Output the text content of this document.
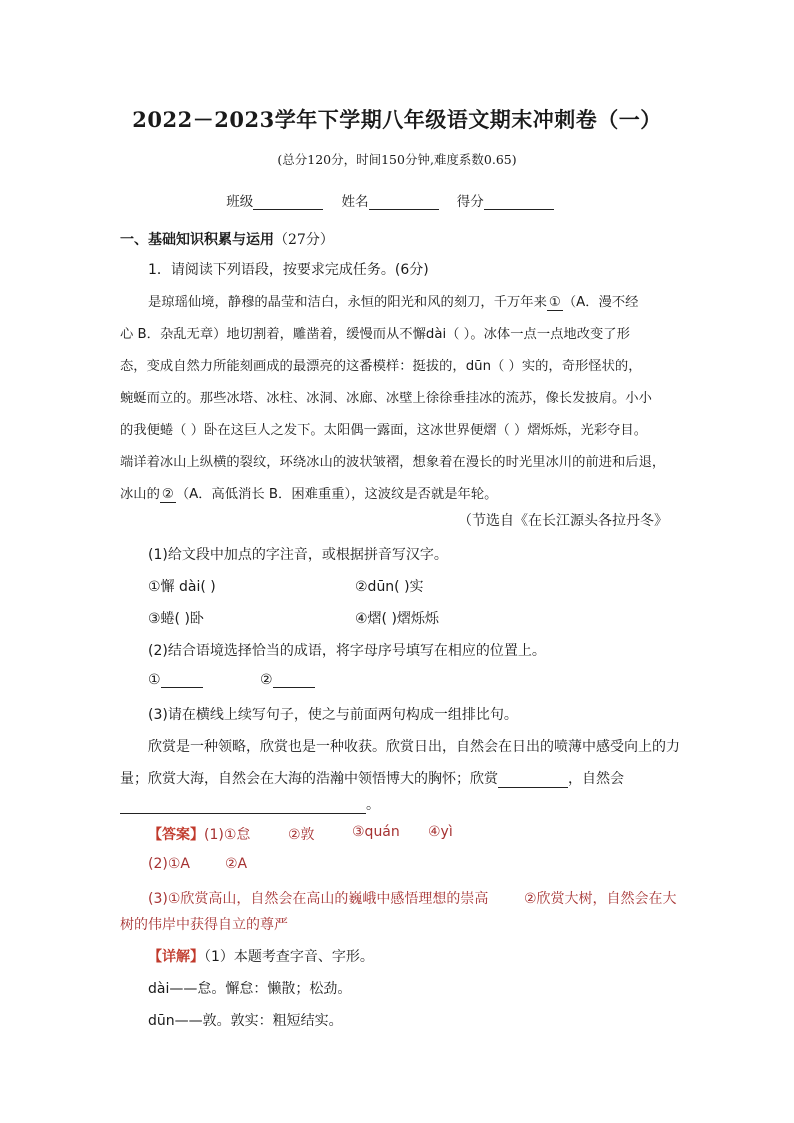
2022－2023学年下学期八年级语文期末冲刺卷（一）
(总分120分，时间150分钟,难度系数0.65)
班级	姓名	得分
一、基础知识积累与运用（27分）
1．请阅读下列语段，按要求完成任务。(6分)
是琼瑶仙境，静穆的晶莹和洁白，永恒的阳光和风的刻刀，千万年来 ① （A．漫不经
心 B．杂乱无章）地切割着，雕凿着，缓慢而从不懈dài（ ）。冰体一点一点地改变了形
态，变成自然力所能刻画成的最漂亮的这番模样：挺拔的，dūn（ ）实的，奇形怪状的，
蜿蜒而立的。那些冰塔、冰柱、冰洞、冰廊、冰壁上徐徐垂挂冰的流苏，像长发披肩。小小
的我便蜷（ ）卧在这巨人之发下。太阳偶一露面，这冰世界便熠（ ）熠烁烁，光彩夺目。
端详着冰山上纵横的裂纹，环绕冰山的波状皱褶，想象着在漫长的时光里冰川的前进和后退，
冰山的 ② （A．高低消长 B．困难重重），这波纹是否就是年轮。
（节选自《在长江源头各拉丹冬》
(1)给文段中加点的字注音，或根据拼音写汉字。
①懈 dài( )	②dūn( )实
③蜷( )卧	④熠( )熠烁烁
(2)结合语境选择恰当的成语，将字母序号填写在相应的位置上。
①	②
(3)请在横线上续写句子，使之与前面两句构成一组排比句。
欣赏是一种领略，欣赏也是一种收获。欣赏日出，自然会在日出的喷薄中感受向上的力
量；欣赏大海，自然会在大海的浩瀚中领悟博大的胸怀；欣赏	，自然会
。
【答案】(1)①怠	②敦	③quán ④yì
(2)①A	②A
(3)①欣赏高山，自然会在高山的巍峨中感悟理想的崇高	②欣赏大树，自然会在大
树的伟岸中获得自立的尊严
【详解】（1）本题考查字音、字形。
dài——怠。懈怠：懒散；松劲。
dūn——敦。敦实：粗短结实。
